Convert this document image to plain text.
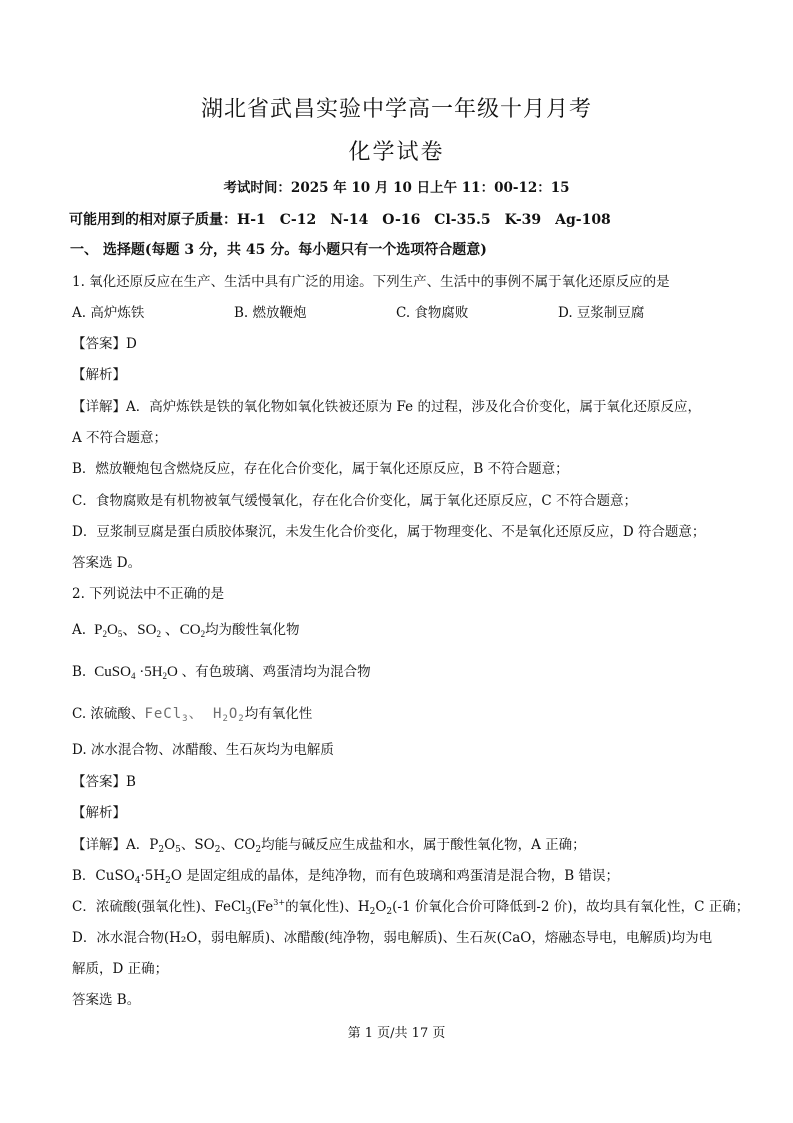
湖北省武昌实验中学高一年级十月月考
化学试卷
考试时间：2025 年 10 月 10 日上午 11：00-12：15
可能用到的相对原子质量：H-1　C-12　N-14　O-16　Cl-35.5　K-39　Ag-108
一、 选择题(每题 3 分，共 45 分。每小题只有一个选项符合题意)
1. 氧化还原反应在生产、生活中具有广泛的用途。下列生产、生活中的事例不属于氧化还原反应的是
A. 高炉炼铁	B. 燃放鞭炮	C. 食物腐败	D. 豆浆制豆腐
【答案】D
【解析】
【详解】A．高炉炼铁是铁的氧化物如氧化铁被还原为 Fe 的过程，涉及化合价变化，属于氧化还原反应，
A 不符合题意；
B．燃放鞭炮包含燃烧反应，存在化合价变化，属于氧化还原反应，B 不符合题意；
C．食物腐败是有机物被氧气缓慢氧化，存在化合价变化，属于氧化还原反应，C 不符合题意；
D．豆浆制豆腐是蛋白质胶体聚沉，未发生化合价变化，属于物理变化、不是氧化还原反应，D 符合题意；
答案选 D。
2. 下列说法中不正确的是
A.  $P_2O_5$、$SO_2$ 、$CO_2$均为酸性氧化物
B.  CuSO$_4$ $\cdot 5H_2O$ 、有色玻璃、鸡蛋清均为混合物
C. 浓硫酸、FeCl$_3$、 $H_2O_2$均有氧化性
D. 冰水混合物、冰醋酸、生石灰均为电解质
【答案】B
【解析】
【详解】A．$P_2O_5$、$SO_2$、$CO_2$均能与碱反应生成盐和水，属于酸性氧化物，A 正确；
B．$CuSO_4\cdot 5H_2O$ 是固定组成的晶体，是纯净物，而有色玻璃和鸡蛋清是混合物，B 错误；
C．浓硫酸(强氧化性)、$FeCl_3(Fe^{3+}$的氧化性)、$H_2O_2(-1$ 价氧化合价可降低到-2 价)，故均具有氧化性，C 正确；
D．冰水混合物(H₂O，弱电解质)、冰醋酸(纯净物，弱电解质)、生石灰(CaO，熔融态导电，电解质)均为电
解质，D 正确；
答案选 B。
第 1 页/共 17 页
